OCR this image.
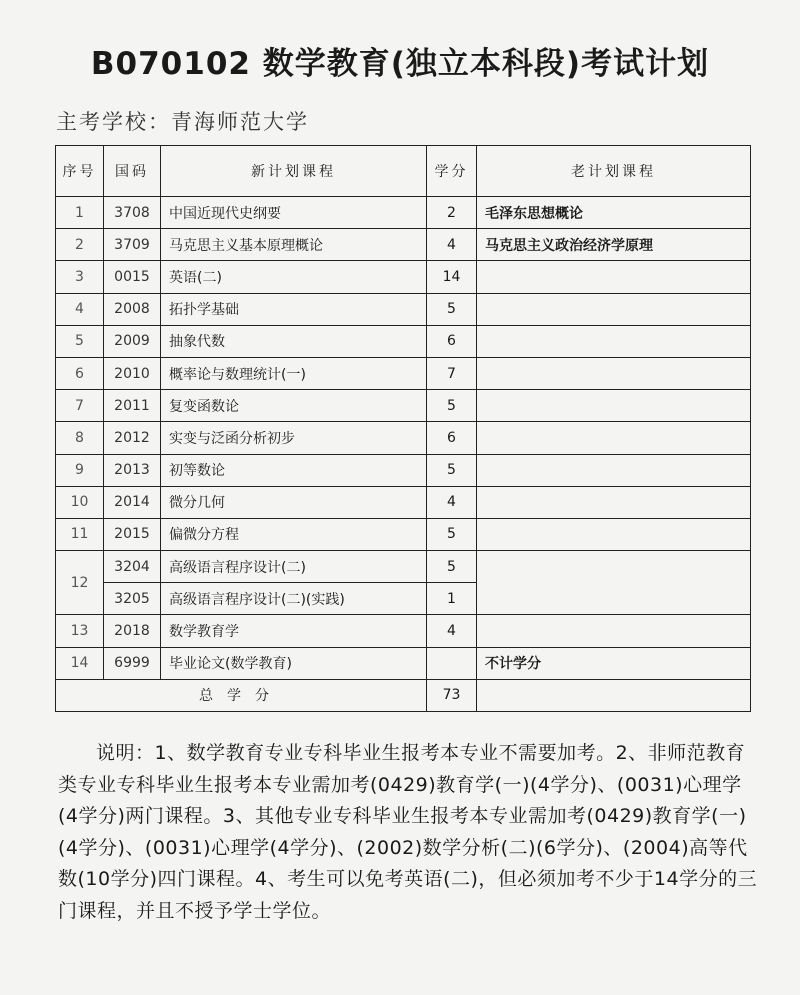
B070102 数学教育(独立本科段)考试计划
主考学校：青海师范大学
序号	国码	新计划课程	学分	老计划课程
1	3708	中国近现代史纲要	2	毛泽东思想概论
2	3709	马克思主义基本原理概论	4	马克思主义政治经济学原理
3	0015	英语(二)	14	
4	2008	拓扑学基础	5	
5	2009	抽象代数	6	
6	2010	概率论与数理统计(一)	7	
7	2011	复变函数论	5	
8	2012	实变与泛函分析初步	6	
9	2013	初等数论	5	
10	2014	微分几何	4	
11	2015	偏微分方程	5	
12	3204	高级语言程序设计(二)	5	
	3205	高级语言程序设计(二)(实践)	1	
13	2018	数学教育学	4	
14	6999	毕业论文(数学教育)		不计学分
总学分			73	

说明：1、数学教育专业专科毕业生报考本专业不需要加考。2、非师范教育类专业专科毕业生报考本专业需加考(0429)教育学(一)(4学分)、(0031)心理学(4学分)两门课程。3、其他专业专科毕业生报考本专业需加考(0429)教育学(一)(4学分)、(0031)心理学(4学分)、(2002)数学分析(二)(6学分)、(2004)高等代数(10学分)四门课程。4、考生可以免考英语(二)，但必须加考不少于14学分的三门课程，并且不授予学士学位。
